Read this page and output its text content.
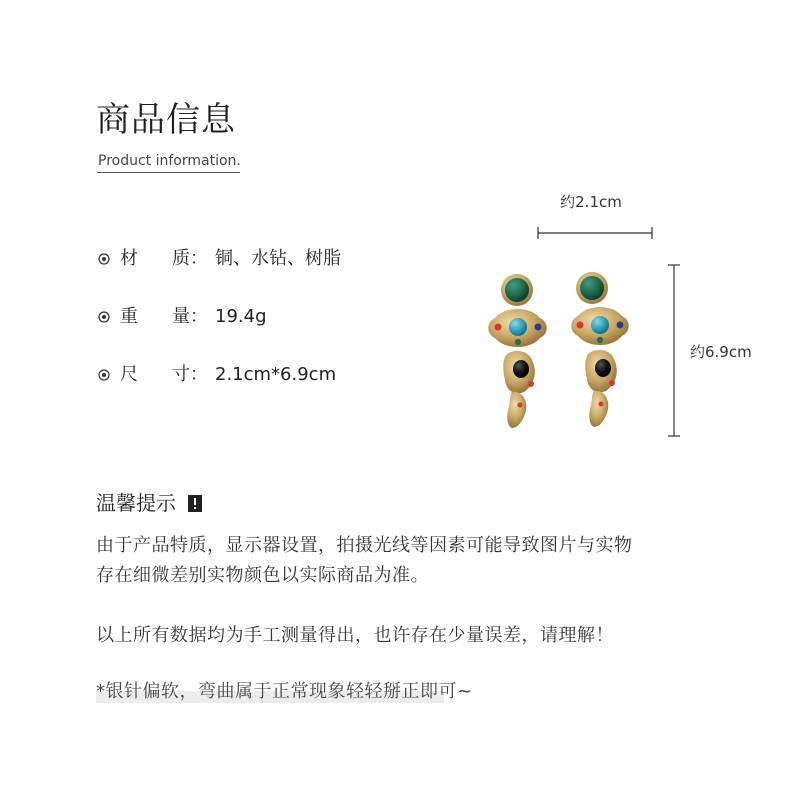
商品信息
Product information.
材 质 ： 铜、水钻、树脂
重 量 ： 19.4g
尺 寸 ： 2.1cm*6.9cm
约2.1cm
约6.9cm
温馨提示
由于产品特质，显示器设置，拍摄光线等因素可能导致图片与实物
存在细微差别实物颜色以实际商品为准。
以上所有数据均为手工测量得出，也许存在少量误差，请理解！
*银针偏软，弯曲属于正常现象轻轻掰正即可~
